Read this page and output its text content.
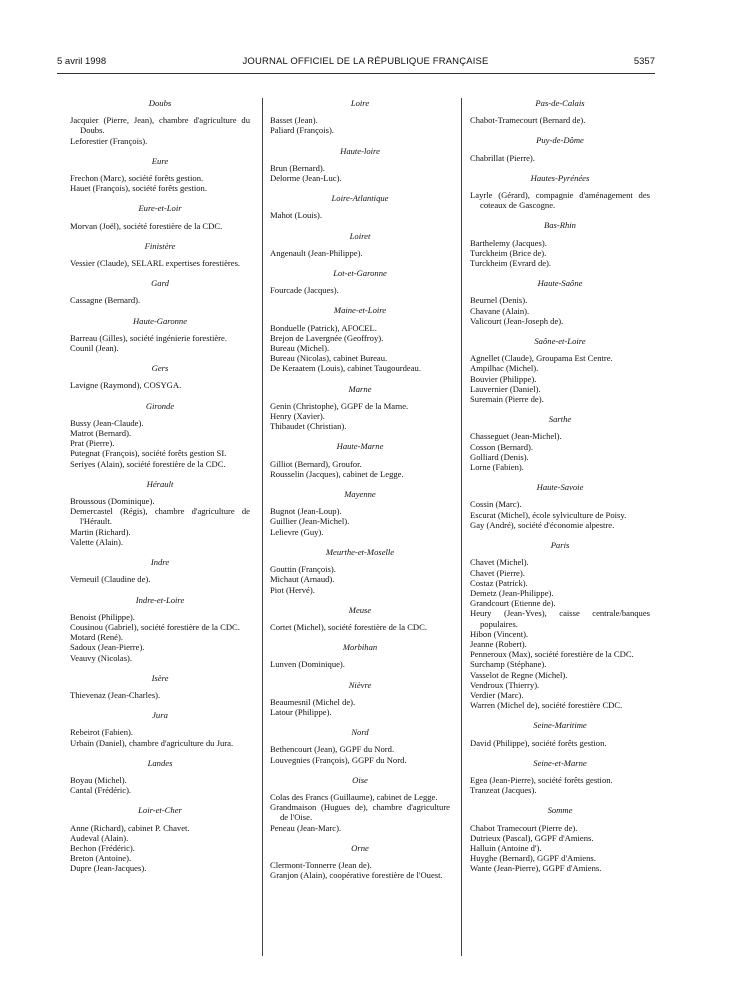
5 avril 1998	JOURNAL OFFICIEL DE LA RÉPUBLIQUE FRANÇAISE	5357
Doubs
Jacquier (Pierre, Jean), chambre d'agriculture du Doubs.
Leforestier (François).
Eure
Frechon (Marc), société forêts gestion.
Hauet (François), société forêts gestion.
Eure-et-Loir
Morvan (Joël), société forestière de la CDC.
Finistère
Vessier (Claude), SELARL expertises forestières.
Gard
Cassagne (Bernard).
Haute-Garonne
Barreau (Gilles), société ingénierie forestière.
Counil (Jean).
Gers
Lavigne (Raymond), COSYGA.
Gironde
Bussy (Jean-Claude).
Matrot (Bernard).
Prat (Pierre).
Putegnat (François), société forêts gestion SI.
Seriyes (Alain), société forestière de la CDC.
Hérault
Broussous (Dominique).
Demercastel (Régis), chambre d'agriculture de l'Hérault.
Martin (Richard).
Valette (Alain).
Indre
Verneuil (Claudine de).
Indre-et-Loire
Benoist (Philippe).
Cousinou (Gabriel), société forestière de la CDC.
Motard (René).
Sadoux (Jean-Pierre).
Veauvy (Nicolas).
Isère
Thievenaz (Jean-Charles).
Jura
Rebeirot (Fabien).
Urbain (Daniel), chambre d'agriculture du Jura.
Landes
Boyau (Michel).
Cantal (Frédéric).
Loir-et-Cher
Anne (Richard), cabinet P. Chavet.
Audeval (Alain).
Bechon (Frédéric).
Breton (Antoine).
Dupre (Jean-Jacques).
Loire
Basset (Jean).
Paliard (François).
Haute-loire
Brun (Bernard).
Delorme (Jean-Luc).
Loire-Atlantique
Mahot (Louis).
Loiret
Angenault (Jean-Philippe).
Lot-et-Garonne
Fourcade (Jacques).
Maine-et-Loire
Bonduelle (Patrick), AFOCEL.
Brejon de Lavergnée (Geoffroy).
Bureau (Michel).
Bureau (Nicolas), cabinet Bureau.
De Keraatem (Louis), cabinet Taugourdeau.
Marne
Genin (Christophe), GGPF de la Marne.
Henry (Xavier).
Thibaudet (Christian).
Haute-Marne
Gilliot (Bernard), Groufor.
Rousselin (Jacques), cabinet de Legge.
Mayenne
Bugnot (Jean-Loup).
Guillier (Jean-Michel).
Lelievre (Guy).
Meurthe-et-Moselle
Gouttin (François).
Michaut (Arnaud).
Piot (Hervé).
Meuse
Cortet (Michel), société forestière de la CDC.
Morbihan
Lunven (Dominique).
Nièvre
Beaumesnil (Michel de).
Latour (Philippe).
Nord
Bethencourt (Jean), GGPF du Nord.
Louvegnies (François), GGPF du Nord.
Oise
Colas des Francs (Guillaume), cabinet de Legge.
Grandmaison (Hugues de), chambre d'agriculture de l'Oise.
Peneau (Jean-Marc).
Orne
Clermont-Tonnerre (Jean de).
Granjon (Alain), coopérative forestière de l'Ouest.
Pas-de-Calais
Chabot-Tramecourt (Bernard de).
Puy-de-Dôme
Chabrillat (Pierre).
Hautes-Pyrénées
Layrle (Gérard), compagnie d'aménagement des coteaux de Gascogne.
Bas-Rhin
Barthelemy (Jacques).
Turckheim (Brice de).
Turckheim (Evrard de).
Haute-Saône
Beurnel (Denis).
Chavane (Alain).
Valicourt (Jean-Joseph de).
Saône-et-Loire
Agnellet (Claude), Groupama Est Centre.
Ampilhac (Michel).
Bouvier (Philippe).
Lauvernier (Daniel).
Suremain (Pierre de).
Sarthe
Chasseguet (Jean-Michel).
Cosson (Bernard).
Golliard (Denis).
Lorne (Fabien).
Haute-Savoie
Cossin (Marc).
Escurat (Michel), école sylviculture de Poisy.
Gay (André), société d'économie alpestre.
Paris
Chavet (Michel).
Chavet (Pierre).
Costaz (Patrick).
Demetz (Jean-Philippe).
Grandcourt (Etienne de).
Heury (Jean-Yves), caisse centrale/banques populaires.
Hibon (Vincent).
Jeanne (Robert).
Penneroux (Max), société forestière de la CDC.
Surchamp (Stéphane).
Vasselot de Regne (Michel).
Vendroux (Thierry).
Verdier (Marc).
Warren (Michel de), société forestière CDC.
Seine-Maritime
David (Philippe), société forêts gestion.
Seine-et-Marne
Egea (Jean-Pierre), société forêts gestion.
Tranzeat (Jacques).
Somme
Chabot Tramecourt (Pierre de).
Dutrieux (Pascal), GGPF d'Amiens.
Halluin (Antoine d').
Huyghe (Bernard), GGPF d'Amiens.
Wante (Jean-Pierre), GGPF d'Amiens.
